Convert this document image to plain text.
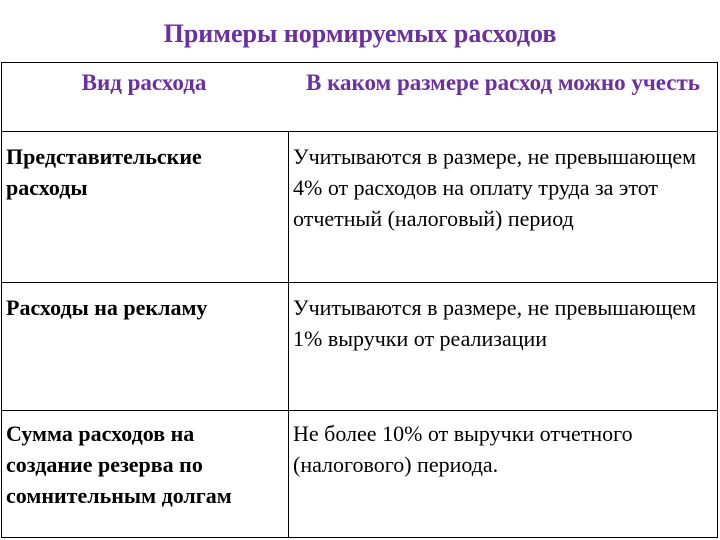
Примеры нормируемых расходов
Вид расхода	В каком размере расход можно учесть
Представительские расходы
Учитываются в размере, не превышающем 4% от расходов на оплату труда за этот отчетный (налоговый) период
Расходы на рекламу	Учитываются в размере, не превышающем 1% выручки от реализации
Сумма расходов на создание резерва по сомнительным долгам
Не более 10% от выручки отчетного (налогового) периода.
